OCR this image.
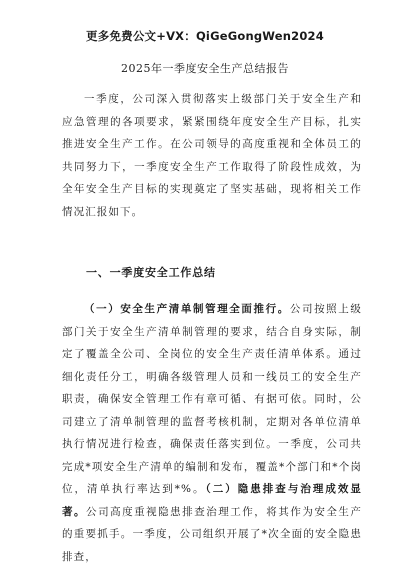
更多免费公文+VX：QiGeGongWen2024
2025年一季度安全生产总结报告
一季度，公司深入贯彻落实上级部门关于安全生产和应急管理的各项要求，紧紧围绕年度安全生产目标，扎实推进安全生产工作。在公司领导的高度重视和全体员工的共同努力下，一季度安全生产工作取得了阶段性成效，为全年安全生产目标的实现奠定了坚实基础，现将相关工作情况汇报如下。
一、一季度安全工作总结
（一）安全生产清单制管理全面推行。公司按照上级部门关于安全生产清单制管理的要求，结合自身实际，制定了覆盖全公司、全岗位的安全生产责任清单体系。通过细化责任分工，明确各级管理人员和一线员工的安全生产职责，确保安全管理工作有章可循、有据可依。同时，公司建立了清单制管理的监督考核机制，定期对各单位清单执行情况进行检查，确保责任落实到位。一季度，公司共完成*项安全生产清单的编制和发布，覆盖*个部门和*个岗位，清单执行率达到*%。（二）隐患排查与治理成效显著。公司高度重视隐患排查治理工作，将其作为安全生产的重要抓手。一季度，公司组织开展了*次全面的安全隐患排查，
